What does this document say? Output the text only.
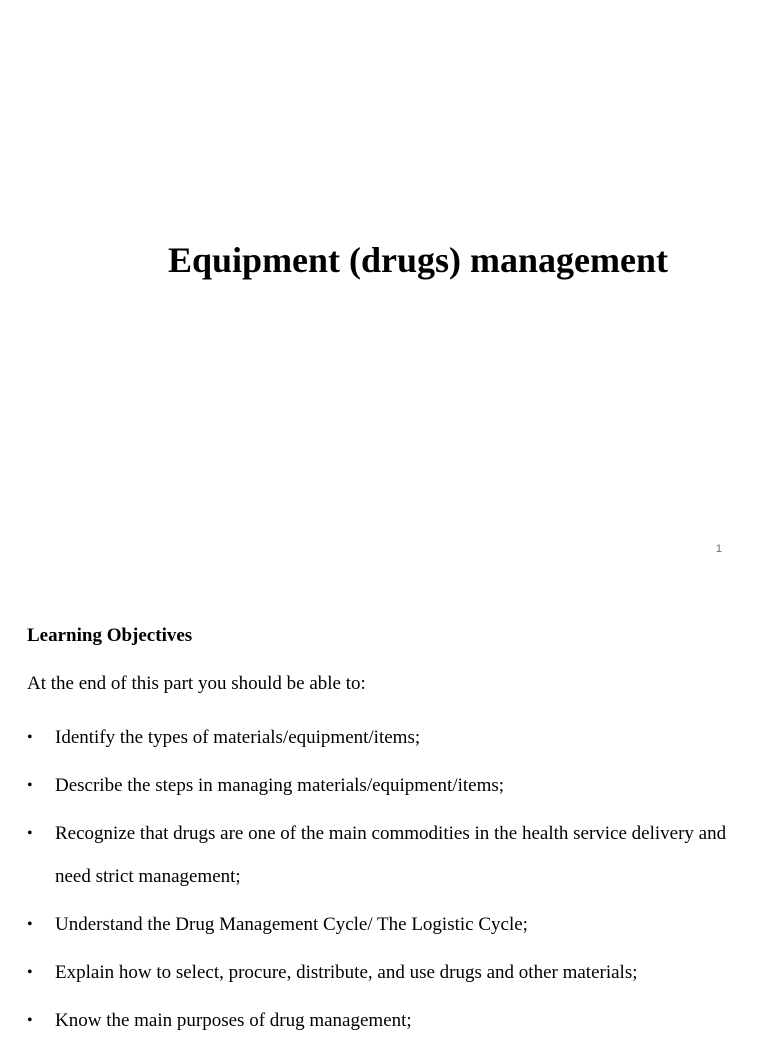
Equipment (drugs) management
1
Learning Objectives
At the end of this part you should be able to:
• Identify the types of materials/equipment/items;
• Describe the steps in managing materials/equipment/items;
• Recognize that drugs are one of the main commodities in the health service delivery and need strict management;
• Understand the Drug Management Cycle/ The Logistic Cycle;
• Explain how to select, procure, distribute, and use drugs and other materials;
• Know the main purposes of drug management;
